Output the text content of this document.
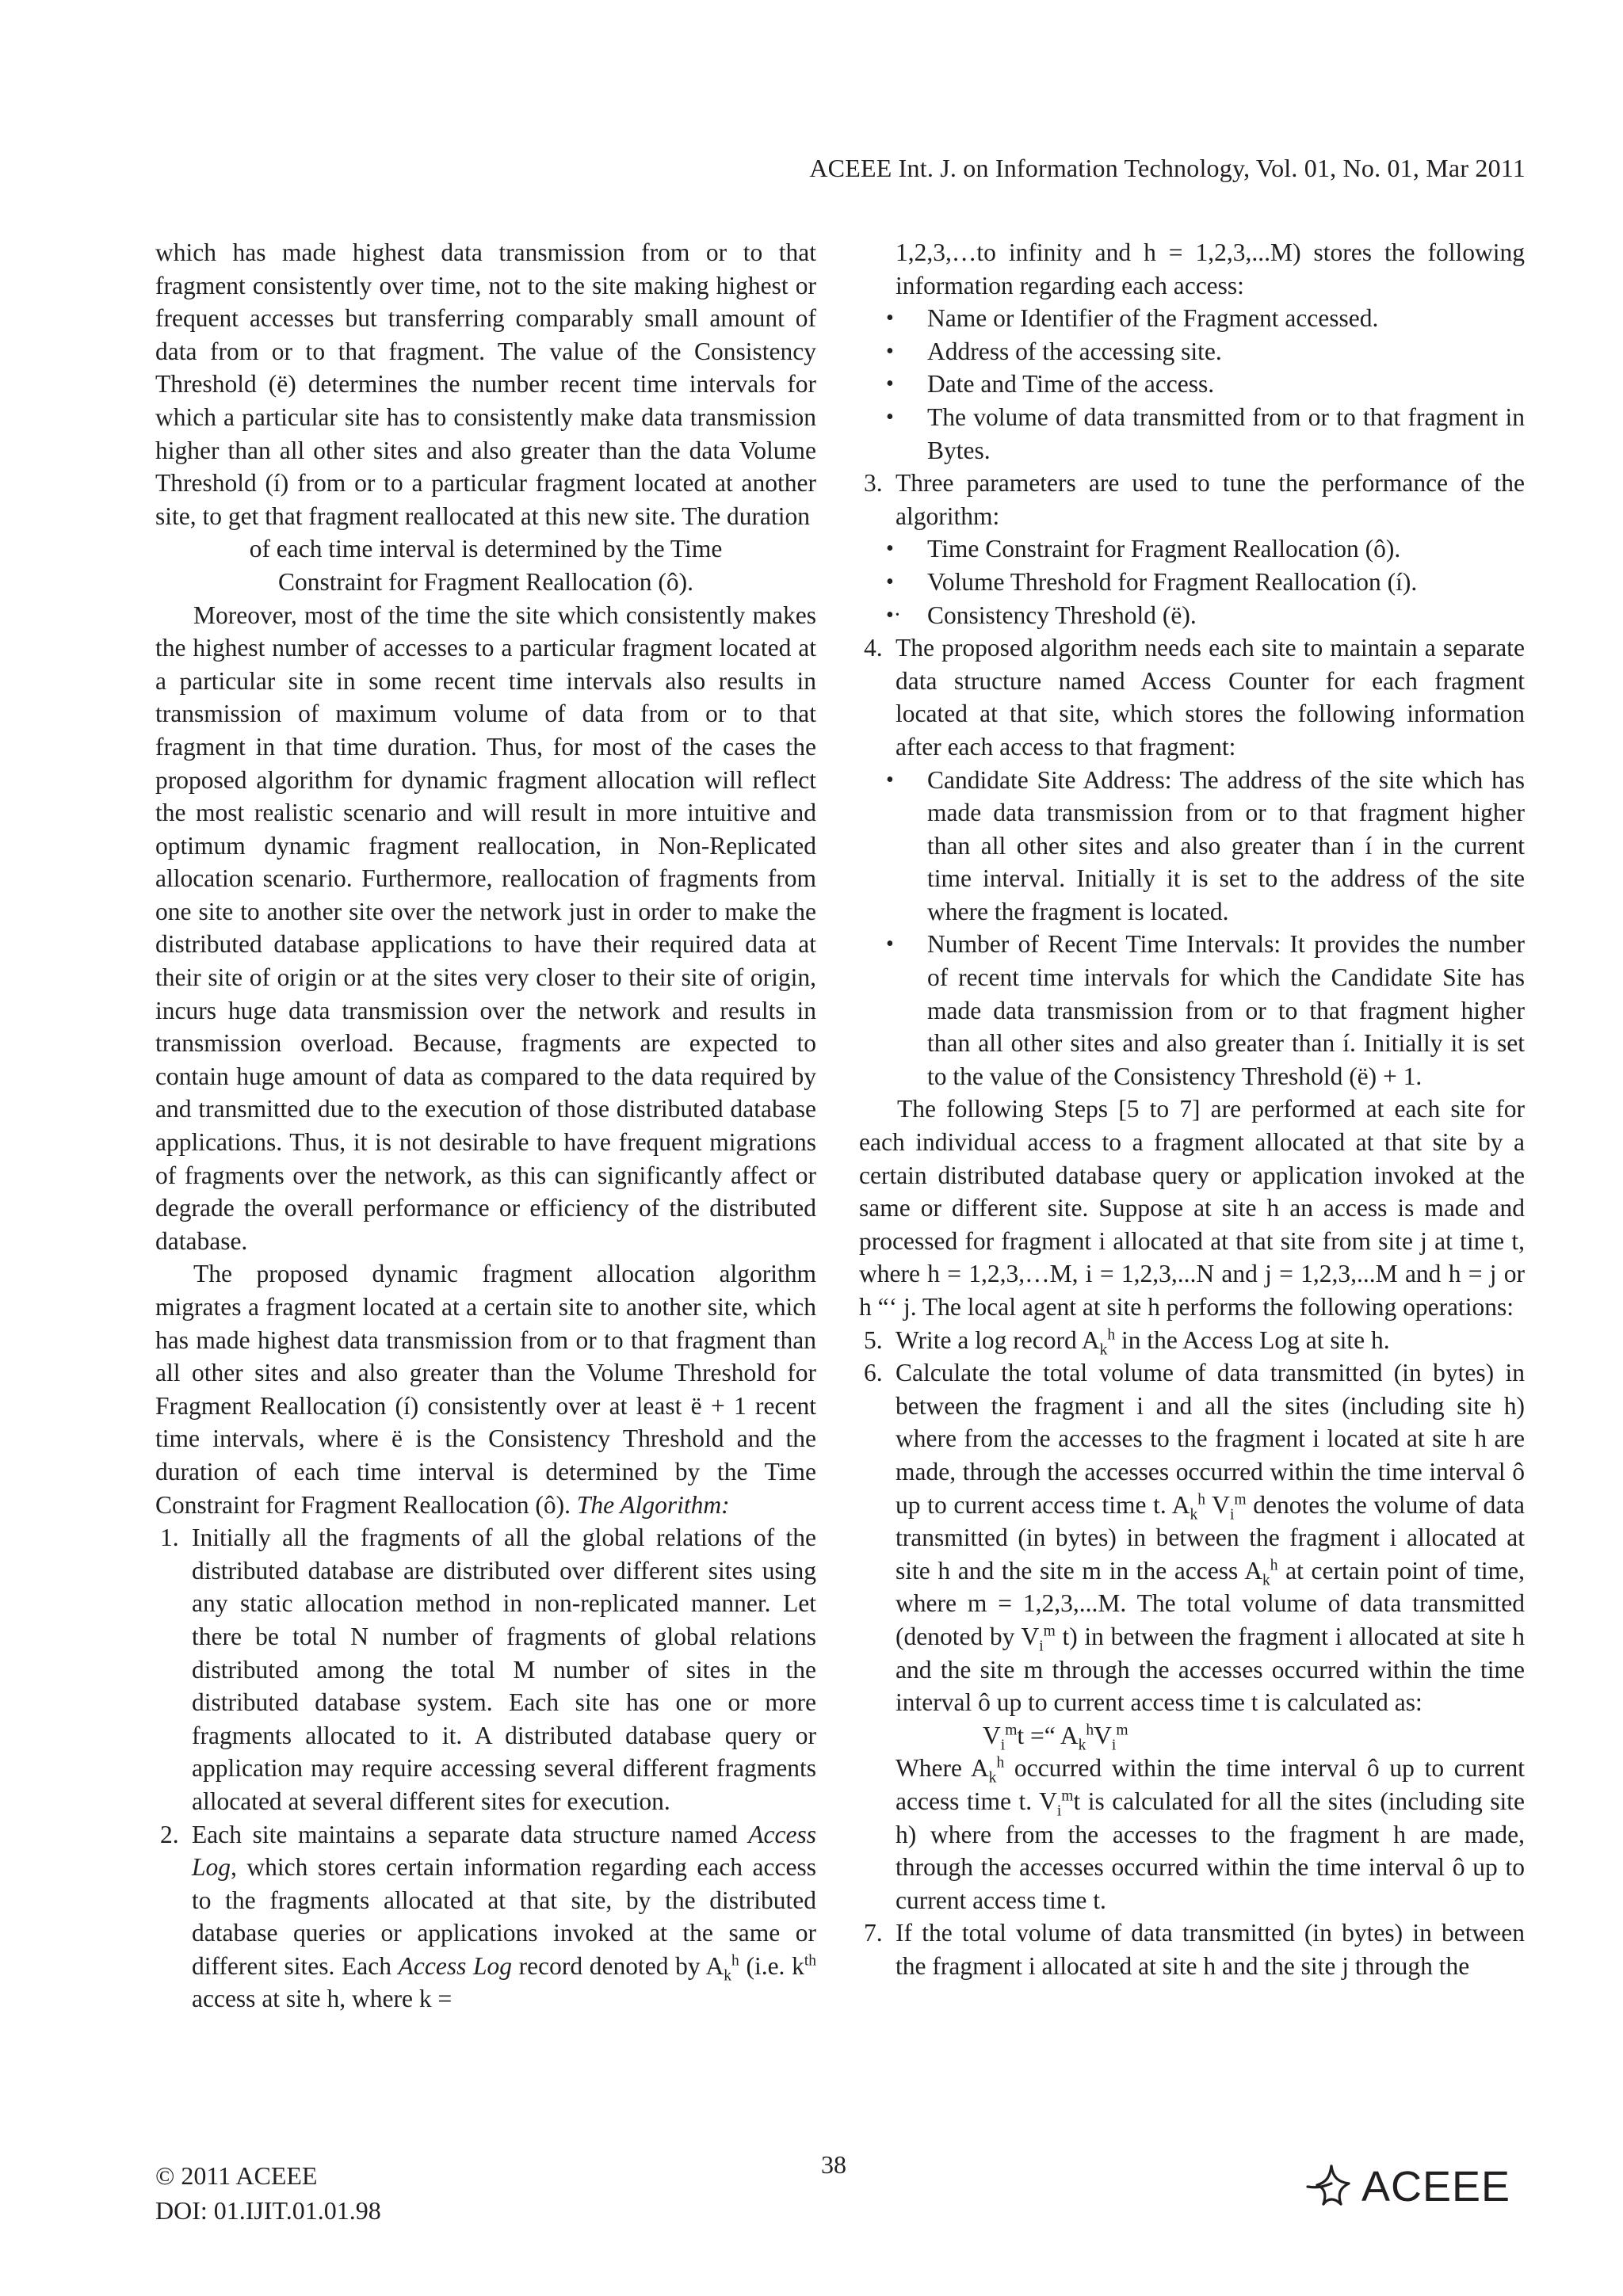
ACEEE Int. J. on Information Technology, Vol. 01, No. 01, Mar 2011

which has made highest data transmission from or to that fragment consistently over time, not to the site making highest or frequent accesses but transferring comparably small amount of data from or to that fragment. The value of the Consistency Threshold (ë) determines the number recent time intervals for which a particular site has to consistently make data transmission higher than all other sites and also greater than the data Volume Threshold (í) from or to a particular fragment located at another site, to get that fragment reallocated at this new site. The duration

of each time interval is determined by the Time

Constraint for Fragment Reallocation (ô).

Moreover, most of the time the site which consistently makes the highest number of accesses to a particular fragment located at a particular site in some recent time intervals also results in transmission of maximum volume of data from or to that fragment in that time duration. Thus, for most of the cases the proposed algorithm for dynamic fragment allocation will reflect the most realistic scenario and will result in more intuitive and optimum dynamic fragment reallocation, in Non-Replicated allocation scenario. Furthermore, reallocation of fragments from one site to another site over the network just in order to make the distributed database applications to have their required data at their site of origin or at the sites very closer to their site of origin, incurs huge data transmission over the network and results in transmission overload. Because, fragments are expected to contain huge amount of data as compared to the data required by and transmitted due to the execution of those distributed database applications. Thus, it is not desirable to have frequent migrations of fragments over the network, as this can significantly affect or degrade the overall performance or efficiency of the distributed database.

The proposed dynamic fragment allocation algorithm migrates a fragment located at a certain site to another site, which has made highest data transmission from or to that fragment than all other sites and also greater than the Volume Threshold for Fragment Reallocation (í) consistently over at least ë + 1 recent time intervals, where ë is the Consistency Threshold and the duration of each time interval is determined by the Time Constraint for Fragment Reallocation (ô). The Algorithm:

1. Initially all the fragments of all the global relations of the distributed database are distributed over different sites using any static allocation method in non-replicated manner. Let there be total N number of fragments of global relations distributed among the total M number of sites in the distributed database system. Each site has one or more fragments allocated to it. A distributed database query or application may require accessing several different fragments allocated at several different sites for execution.
2. Each site maintains a separate data structure named Access Log, which stores certain information regarding each access to the fragments allocated at that site, by the distributed database queries or applications invoked at the same or different sites. Each Access Log record denoted by $A_k^h$ (i.e. $k^{th}$ access at site h, where k =

1,2,3,…to infinity and h = 1,2,3,...M) stores the following information regarding each access:

• Name or Identifier of the Fragment accessed.
• Address of the accessing site.
• Date and Time of the access.
• The volume of data transmitted from or to that fragment in Bytes.
3. Three parameters are used to tune the performance of the algorithm:
• Time Constraint for Fragment Reallocation (ô).
• Volume Threshold for Fragment Reallocation (í).
•· Consistency Threshold (ë).
4. The proposed algorithm needs each site to maintain a separate data structure named Access Counter for each fragment located at that site, which stores the following information after each access to that fragment:
• Candidate Site Address: The address of the site which has made data transmission from or to that fragment higher than all other sites and also greater than í in the current time interval. Initially it is set to the address of the site where the fragment is located.
• Number of Recent Time Intervals: It provides the number of recent time intervals for which the Candidate Site has made data transmission from or to that fragment higher than all other sites and also greater than í. Initially it is set to the value of the Consistency Threshold (ë) + 1.

The following Steps [5 to 7] are performed at each site for each individual access to a fragment allocated at that site by a certain distributed database query or application invoked at the same or different site. Suppose at site h an access is made and processed for fragment i allocated at that site from site j at time t, where h = 1,2,3,…M, i = 1,2,3,...N and j = 1,2,3,...M and h = j or h “‘ j. The local agent at site h performs the following operations:

5. Write a log record $A_k^h$ in the Access Log at site h.
6. Calculate the total volume of data transmitted (in bytes) in between the fragment i and all the sites (including site h) where from the accesses to the fragment i located at site h are made, through the accesses occurred within the time interval ô up to current access time t. $A_k^h$ $V_i^m$ denotes the volume of data transmitted (in bytes) in between the fragment i allocated at site h and the site m in the access $A_k^h$ at certain point of time, where m = 1,2,3,...M. The total volume of data transmitted (denoted by $V_i^m$ t) in between the fragment i allocated at site h and the site m through the accesses occurred within the time interval ô up to current access time t is calculated as:
$V_i^mt$ =“ $A_k^hV_i^m$
Where $A_k^h$ occurred within the time interval ô up to current access time t. $V_i^mt$ is calculated for all the sites (including site h) where from the accesses to the fragment h are made, through the accesses occurred within the time interval ô up to current access time t.
7. If the total volume of data transmitted (in bytes) in between the fragment i allocated at site h and the site j through the
© 2011 ACEEE
DOI: 01.IJIT.01.01.98
38	ACEEE
